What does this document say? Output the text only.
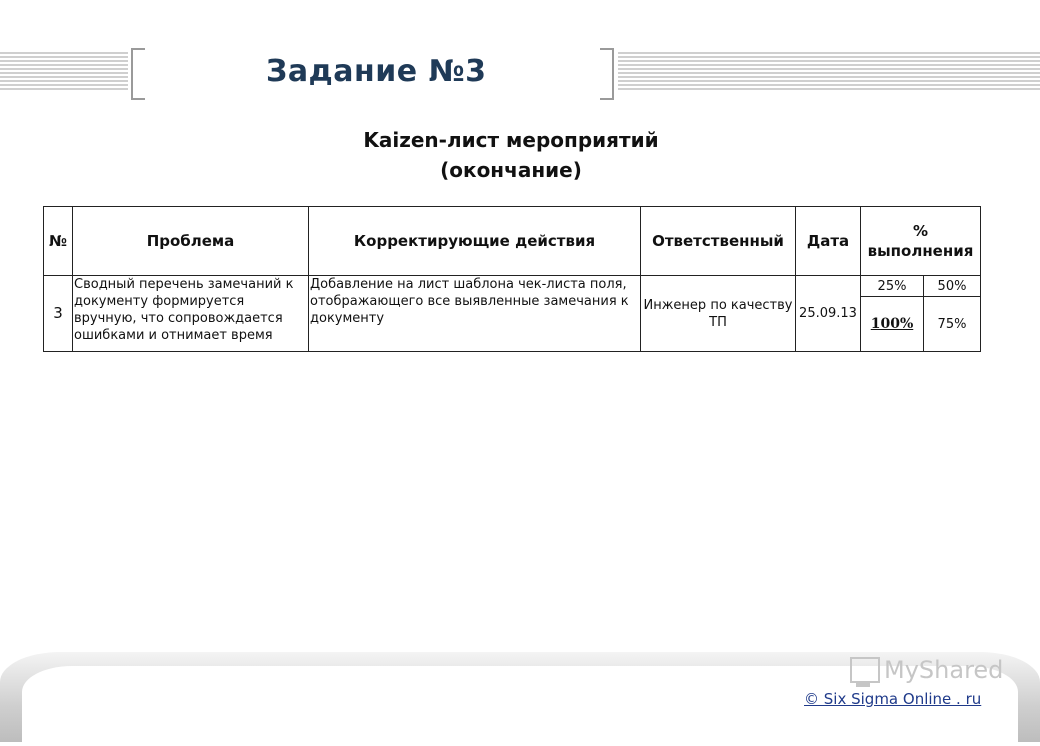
Задание №3
Kaizen-лист мероприятий
(окончание)
№	Проблема	Корректирующие действия	Ответственный	Дата	% выполнения	
3	Сводный перечень замечаний к документу формируется вручную, что сопровождается ошибками и отнимает время	Добавление на лист шаблона чек-листа поля, отображающего все выявленные замечания к документу	Инженер по качеству ТП	25.09.13	25%	50%
					100%	75%
MyShared
© Six Sigma Online . ru
